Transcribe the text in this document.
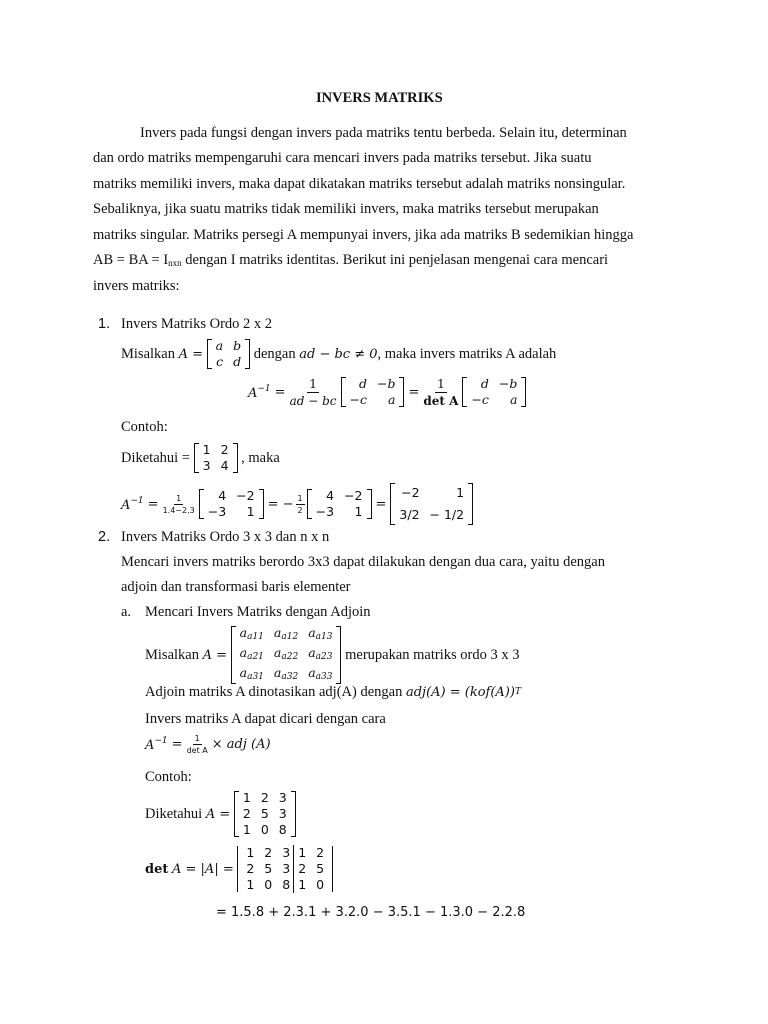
INVERS MATRIKS
Invers pada fungsi dengan invers pada matriks tentu berbeda. Selain itu, determinan
dan ordo matriks mempengaruhi cara mencari invers pada matriks tersebut. Jika suatu
matriks memiliki invers, maka dapat dikatakan matriks tersebut adalah matriks nonsingular.
Sebaliknya, jika suatu matriks tidak memiliki invers, maka matriks tersebut merupakan
matriks singular. Matriks persegi A mempunyai invers, jika ada matriks B sedemikian hingga
AB = BA = $I_{nxn}$ dengan I matriks identitas. Berikut ini penjelasan mengenai cara mencari
invers matriks:
1. Invers Matriks Ordo 2 x 2
Misalkan
A =

a	b
c	d
dengan
ad − bc ≠ 0 , maka invers matriks A adalah
$A^{-1}$
= $\frac{1}{ad - bc}$ d	−b
−c	a
= $\frac{1}{\text{det A}}$ d	−b
−c	a
Contoh:
Diketahui =

1	2
3	4
, maka
$A^{-1}$
= $\frac{1}{1.4-2.3} 4$	−2
−3	1
= − $\frac{1}{2} 4$	−2
−3	1
=

−2	1
3/2	− 1/2
2. Invers Matriks Ordo 3 x 3 dan n x n
Mencari invers matriks berordo 3x3 dapat dilakukan dengan dua cara, yaitu dengan
adjoin dan transformasi baris elementer
a. Mencari Invers Matriks dengan Adjoin
Misalkan
A =

$a_{a11}$	$a_{a12}$	$a_{a13}$
$a_{a21}$	$a_{a22}$	$a_{a23}$
$a_{a31}$	$a_{a32}$	$a_{a33}$

merupakan matriks ordo 3 x 3
Adjoin matriks A dinotasikan adj(A) dengan
adj(A) = (kof(A)) T
Invers matriks A dapat dicari dengan cara
$A^{-1}$
= $\frac{1}{\text{det A}}$ × adj (A)
Contoh:
Diketahui
A =

1	2	3
2	5	3
1	0	8
det
A = |A| =

1	2	3	1	2
2	5	3	2	5
1	0	8	1	0
= 1.5.8 + 2.3.1 + 3.2.0 − 3.5.1 − 1.3.0 − 2.2.8
